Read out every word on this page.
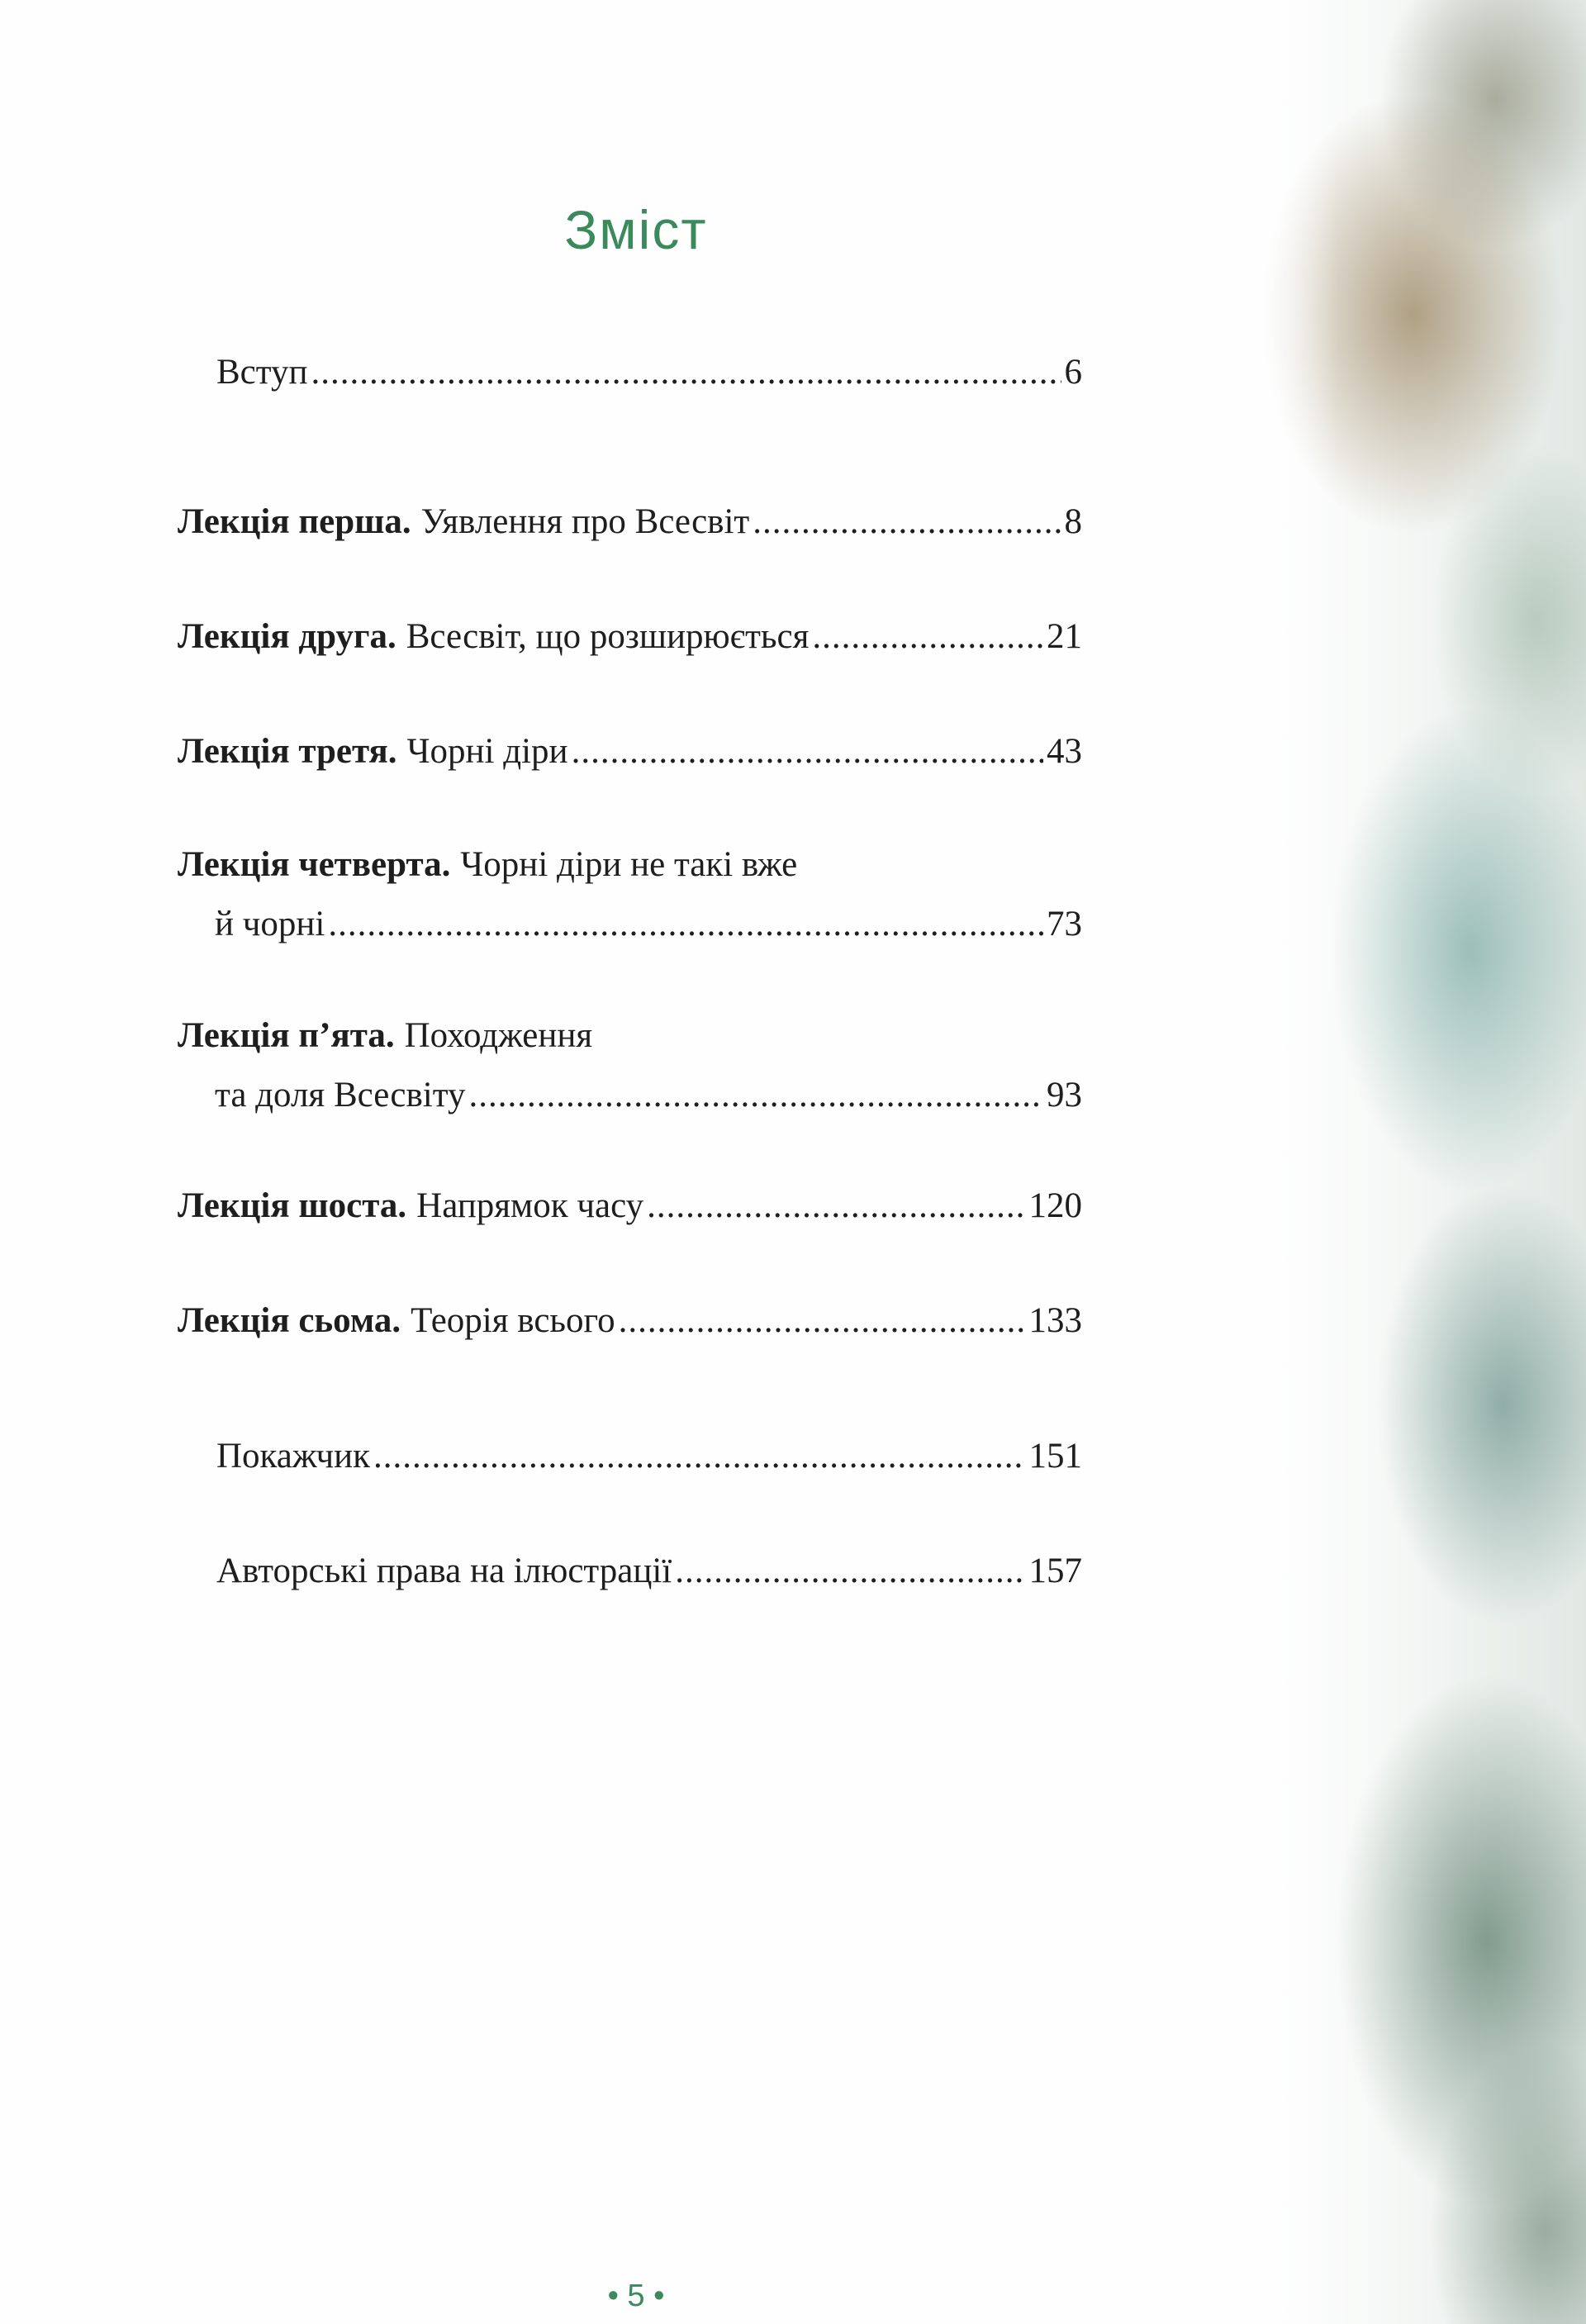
Зміст
Вступ .....	6
Лекція перша. Уявлення про Всесвіт .....	8
Лекція друга. Всесвіт, що розширюється .....	21
Лекція третя. Чорні діри .....	43
Лекція четверта. Чорні діри не такі вже
й чорні .....	73
Лекція п’ята. Походження
та доля Всесвіту .....	93
Лекція шоста. Напрямок часу .....	120
Лекція сьома. Теорія всього .....	133
Покажчик .....	151
Авторські права на ілюстрації .....	157
• 5 •
